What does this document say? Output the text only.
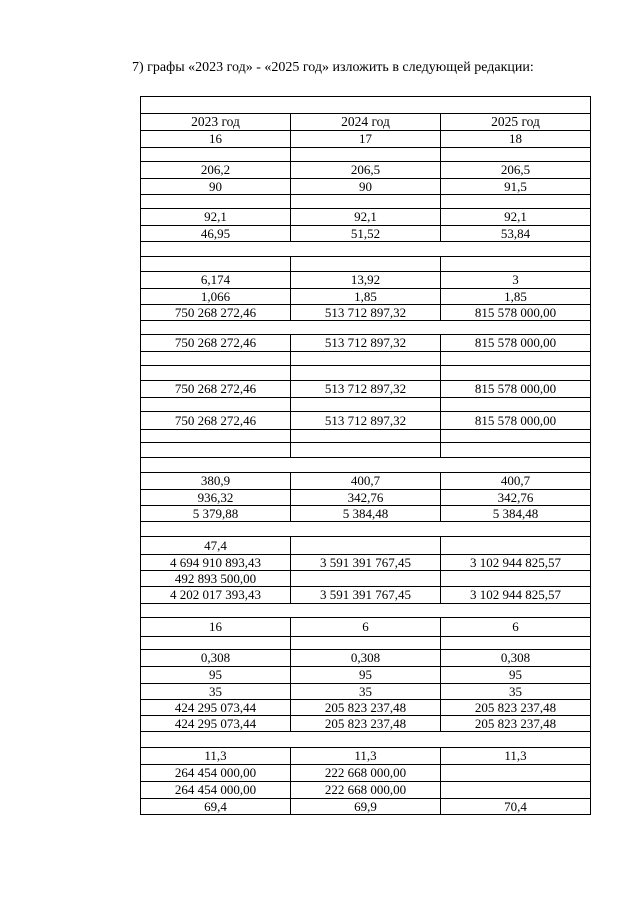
7) графы «2023 год» - «2025 год» изложить в следующей редакции:
2023 год	2024 год	2025 год
16	17	18
206,2	206,5	206,5
90	90	91,5
92,1	92,1	92,1
46,95	51,52	53,84
6,174	13,92	3
1,066	1,85	1,85
750 268 272,46	513 712 897,32	815 578 000,00
750 268 272,46	513 712 897,32	815 578 000,00
750 268 272,46	513 712 897,32	815 578 000,00
750 268 272,46	513 712 897,32	815 578 000,00
380,9	400,7	400,7
936,32	342,76	342,76
5 379,88	5 384,48	5 384,48
47,4
4 694 910 893,43	3 591 391 767,45	3 102 944 825,57
492 893 500,00
4 202 017 393,43	3 591 391 767,45	3 102 944 825,57
16	6	6
0,308	0,308	0,308
95	95	95
35	35	35
424 295 073,44	205 823 237,48	205 823 237,48
424 295 073,44	205 823 237,48	205 823 237,48
11,3	11,3	11,3
264 454 000,00	222 668 000,00
264 454 000,00	222 668 000,00
69,4	69,9	70,4
